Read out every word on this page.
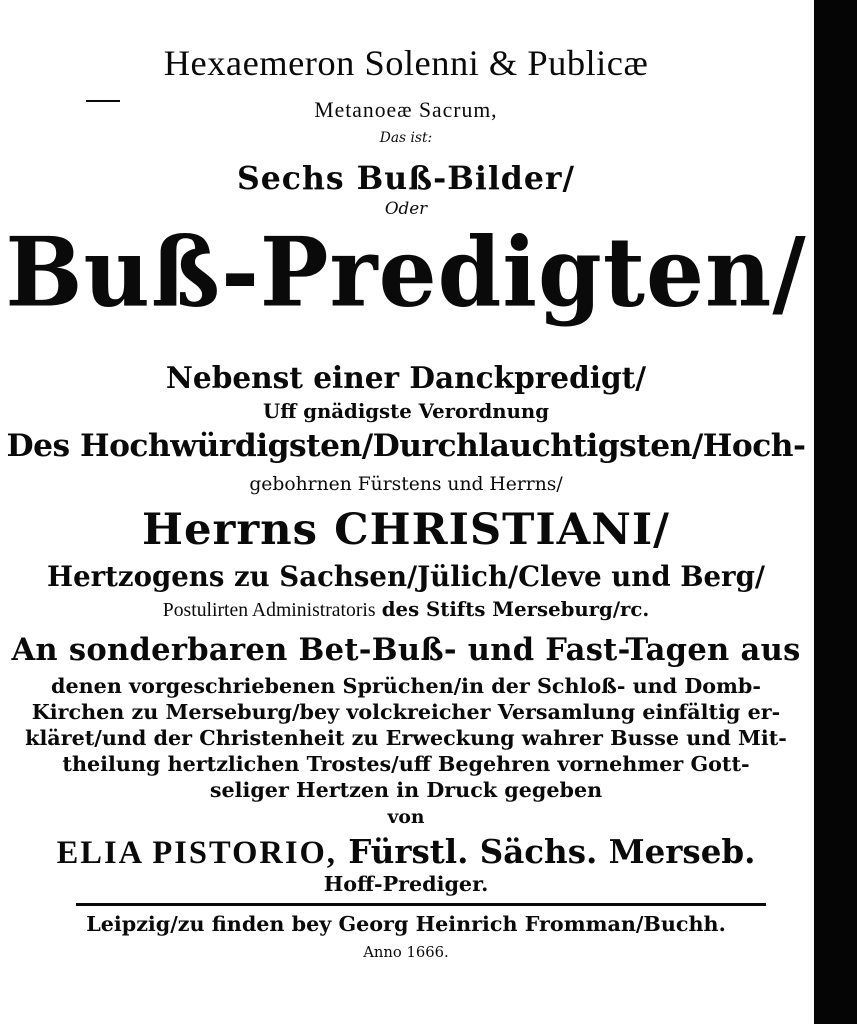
Hexaemeron Solenni & Publicæ
Metanoeæ Sacrum,
Das ist:
Sechs Buß-Bilder/
Oder
Buß-Predigten/
Nebenst einer Danckpredigt/
Uff gnädigste Verordnung
Des Hochwürdigsten/Durchlauchtigsten/Hoch-
gebohrnen Fürstens und Herrns/
Herrns CHRISTIANI/
Hertzogens zu Sachsen/Jülich/Cleve und Berg/
Postulirten Administratoris des Stifts Merseburg/rc.
An sonderbaren Bet-Buß- und Fast-Tagen aus
denen vorgeschriebenen Sprüchen/in der Schloß- und Domb-
Kirchen zu Merseburg/bey volckreicher Versamlung einfältig er-
kläret/und der Christenheit zu Erweckung wahrer Busse und Mit-
theilung hertzlichen Trostes/uff Begehren vornehmer Gott-
seliger Hertzen in Druck gegeben
von
ELIA PISTORIO, Fürstl. Sächs. Merseb.
Hoff-Prediger.
Leipzig/zu finden bey Georg Heinrich Fromman/Buchh.
Anno 1666.
